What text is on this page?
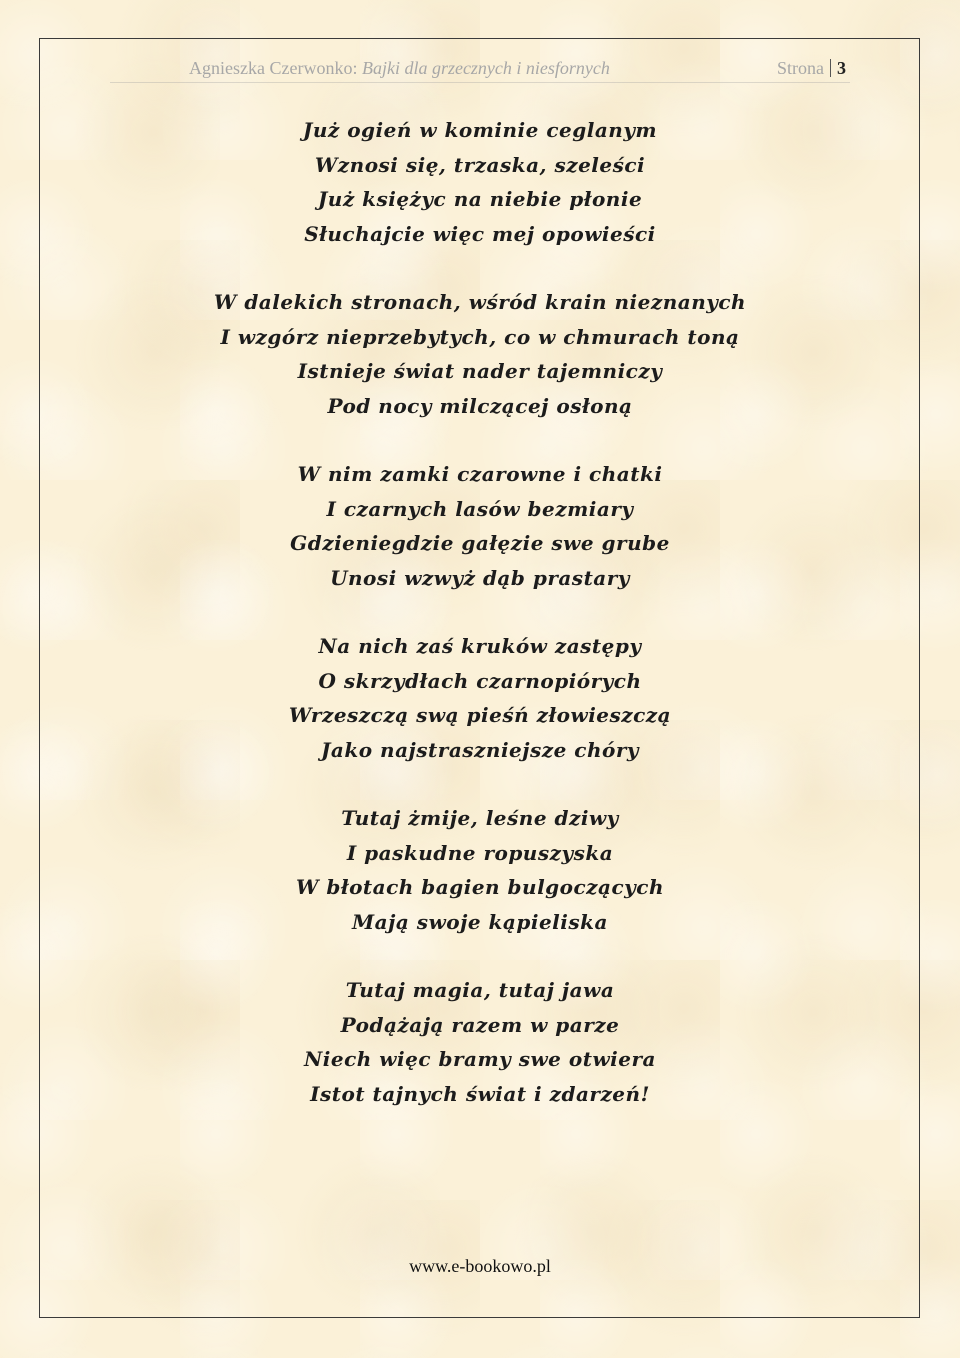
Agnieszka Czerwonko: Bajki dla grzecznych i niesfornych	Strona 3
Już ogień w kominie ceglanym
Wznosi się, trzaska, szeleści
Już księżyc na niebie płonie
Słuchajcie więc mej opowieści
W dalekich stronach, wśród krain nieznanych
I wzgórz nieprzebytych, co w chmurach toną
Istnieje świat nader tajemniczy
Pod nocy milczącej osłoną
W nim zamki czarowne i chatki
I czarnych lasów bezmiary
Gdzieniegdzie gałęzie swe grube
Unosi wzwyż dąb prastary
Na nich zaś kruków zastępy
O skrzydłach czarnopiórych
Wrzeszczą swą pieśń złowieszczą
Jako najstraszniejsze chóry
Tutaj żmije, leśne dziwy
I paskudne ropuszyska
W błotach bagien bulgoczących
Mają swoje kąpieliska
Tutaj magia, tutaj jawa
Podążają razem w parze
Niech więc bramy swe otwiera
Istot tajnych świat i zdarzeń!
www.e-bookowo.pl
